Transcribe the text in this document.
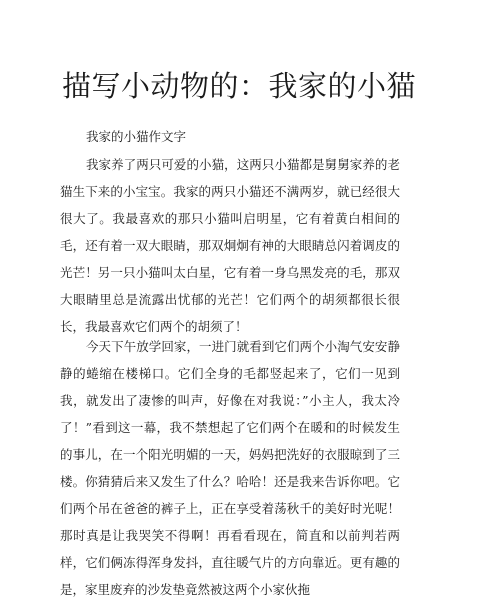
描写小动物的：我家的小猫

我家的小猫作文字

我家养了两只可爱的小猫，这两只小猫都是舅舅家养的老猫生下来的小宝宝。我家的两只小猫还不满两岁，就已经很大很大了。我最喜欢的那只小猫叫启明星，它有着黄白相间的毛，还有着一双大眼睛，那双炯炯有神的大眼睛总闪着调皮的光芒！另一只小猫叫太白星，它有着一身乌黑发亮的毛，那双大眼睛里总是流露出忧郁的光芒！它们两个的胡须都很长很长，我最喜欢它们两个的胡须了！

今天下午放学回家，一进门就看到它们两个小淘气安安静静的蜷缩在楼梯口。它们全身的毛都竖起来了，它们一见到我，就发出了凄惨的叫声，好像在对我说：”小主人，我太冷了！”看到这一幕，我不禁想起了它们两个在暖和的时候发生的事儿，在一个阳光明媚的一天，妈妈把洗好的衣服晾到了三楼。你猜猜后来又发生了什么？哈哈！还是我来告诉你吧。它们两个吊在爸爸的裤子上，正在享受着荡秋千的美好时光呢！那时真是让我哭笑不得啊！再看看现在，简直和以前判若两样，它们俩冻得浑身发抖，直往暖气片的方向靠近。更有趣的是，家里废弃的沙发垫竟然被这两个小家伙拖
